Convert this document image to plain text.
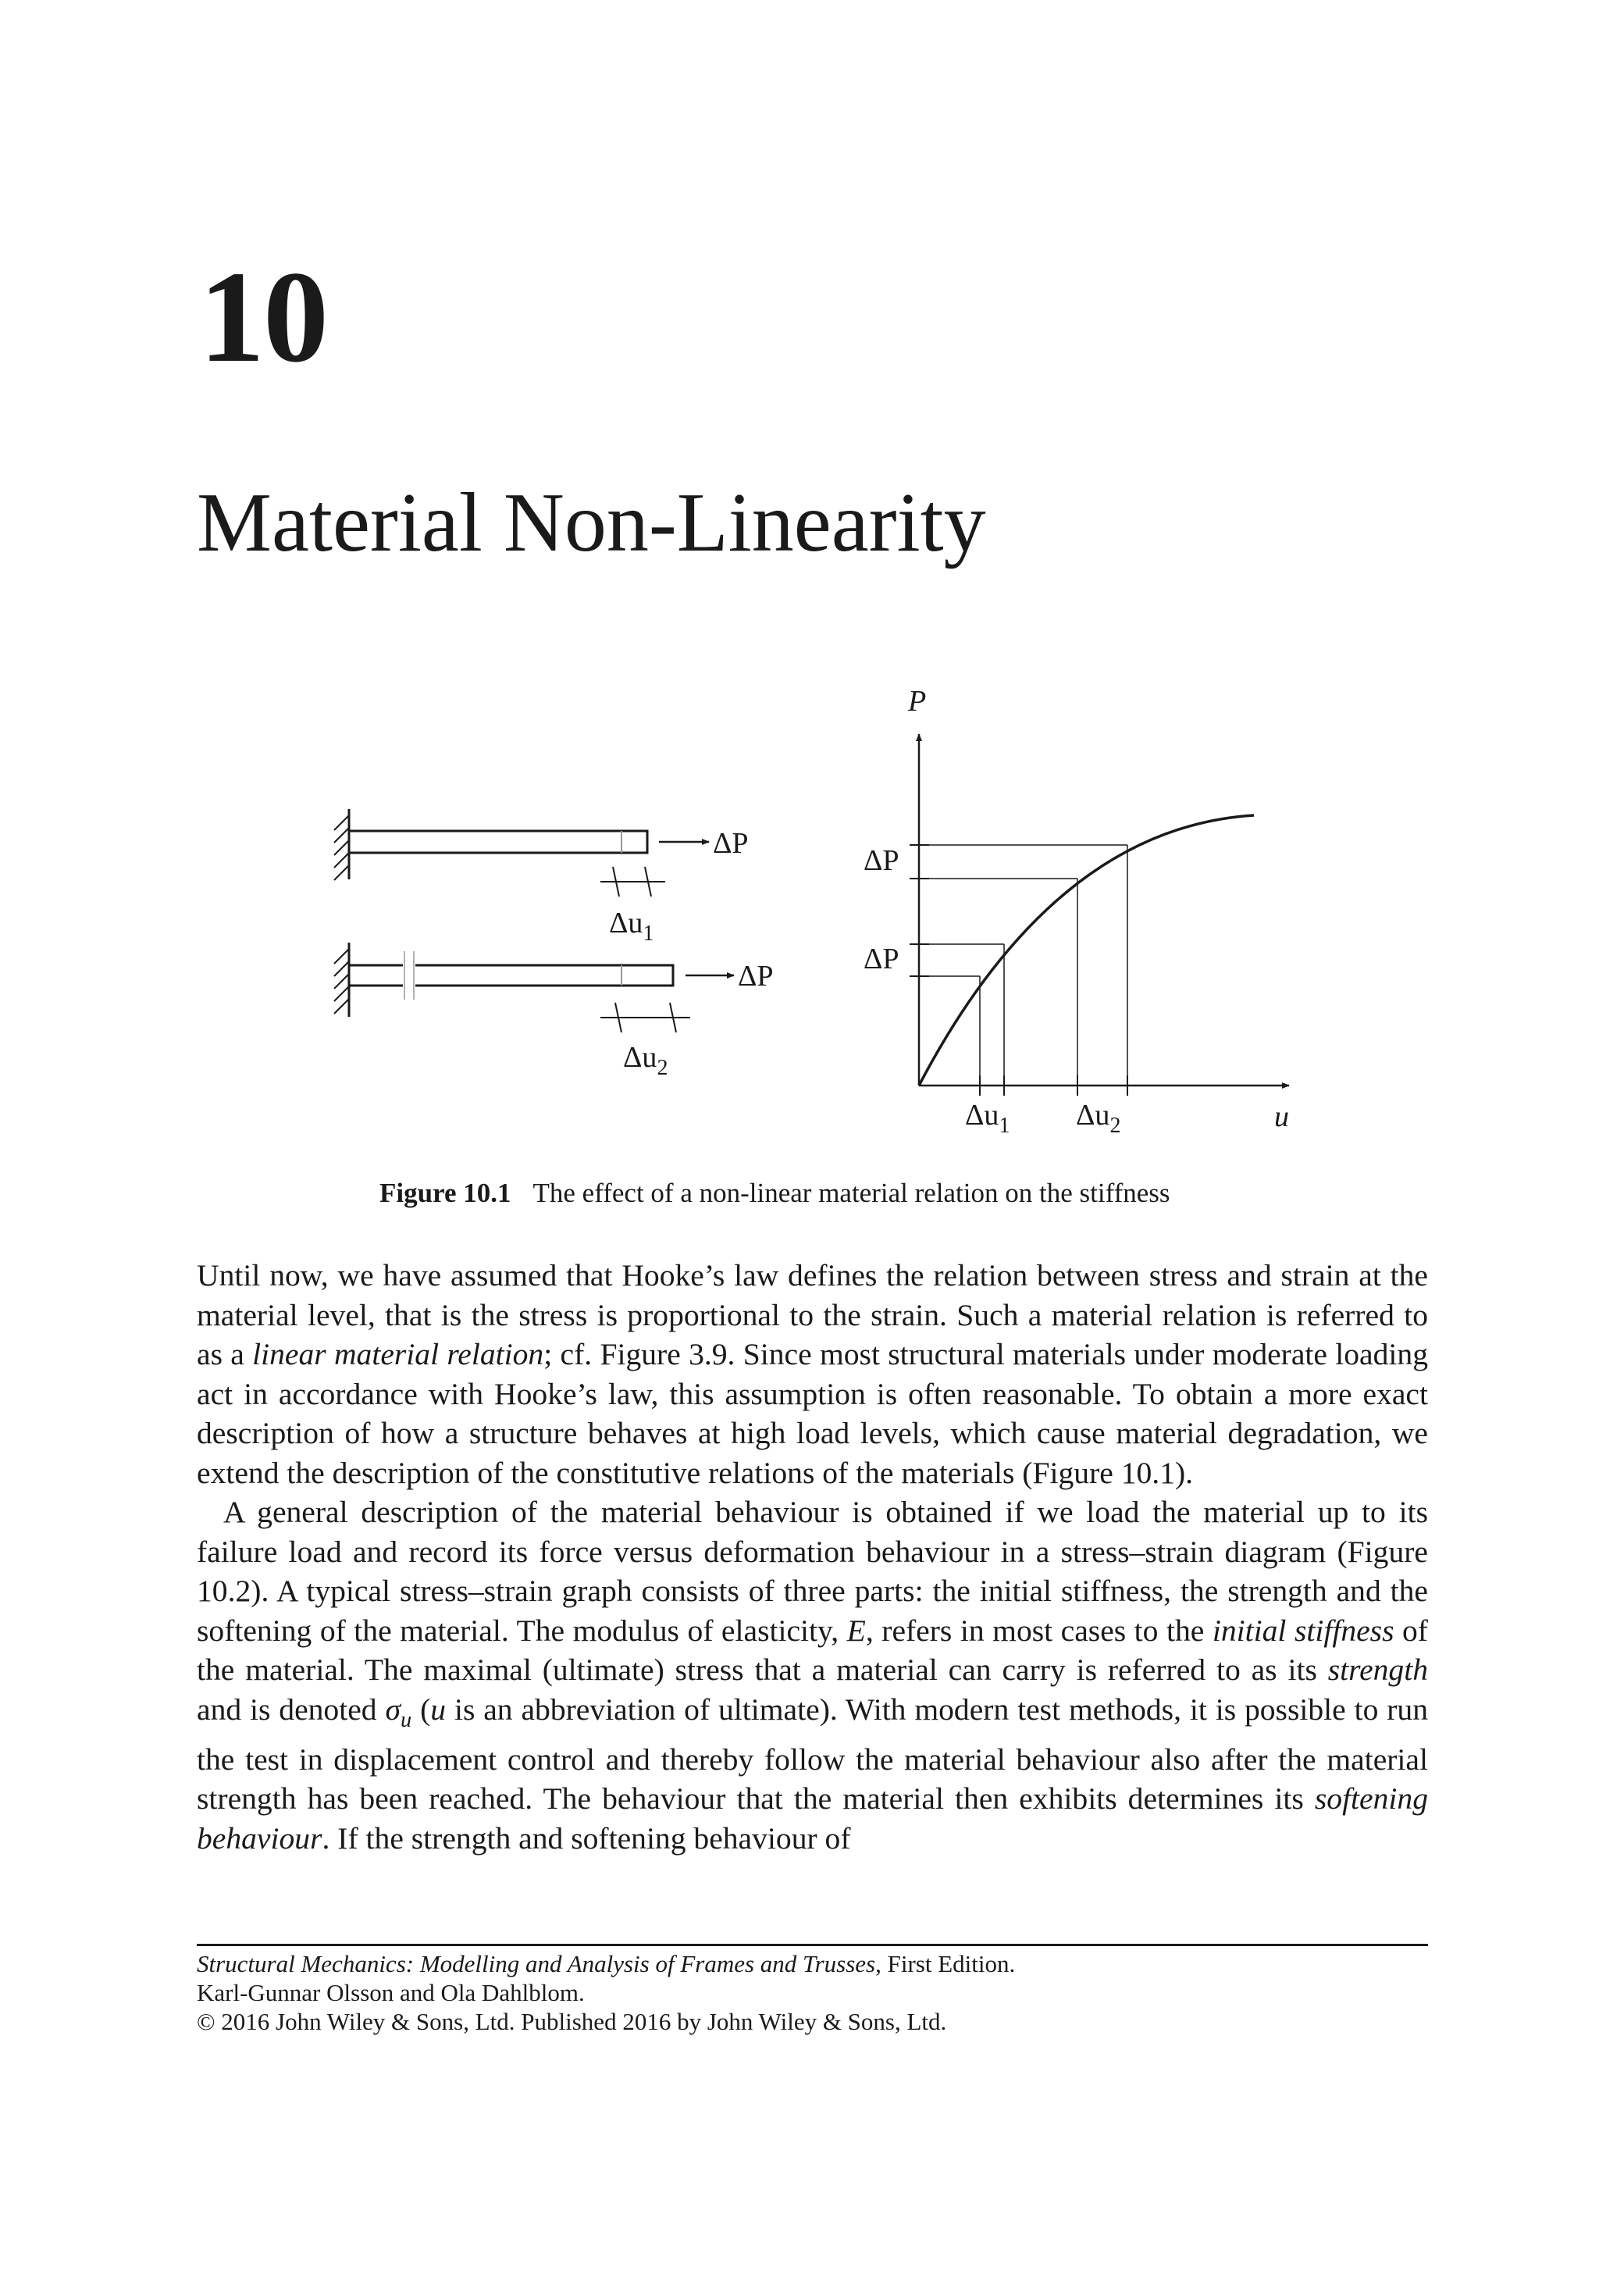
10
Material Non-Linearity
ΔP
$\Delta u_1$
ΔP
$\Delta u_2$
P
u
ΔP
ΔP
$\Delta u_1$ $\Delta u_2$

Figure 10.1 The effect of a non-linear material relation on the stiffness

Until now, we have assumed that Hooke’s law defines the relation between stress and strain at the material level, that is the stress is proportional to the strain. Such a material relation is referred to as a linear material relation; cf. Figure 3.9. Since most structural materials under moderate loading act in accordance with Hooke’s law, this assumption is often reasonable. To obtain a more exact description of how a structure behaves at high load levels, which cause material degradation, we extend the description of the constitutive relations of the materials (Figure 10.1).

A general description of the material behaviour is obtained if we load the material up to its failure load and record its force versus deformation behaviour in a stress–strain diagram (Figure 10.2). A typical stress–strain graph consists of three parts: the initial stiffness, the strength and the softening of the material. The modulus of elasticity, E, refers in most cases to the initial stiffness of the material. The maximal (ultimate) stress that a material can carry is referred to as its strength and is denoted $\sigma_u$ (u is an abbreviation of ultimate). With modern test methods, it is possible to run the test in displacement control and thereby follow the material behaviour also after the material strength has been reached. The behaviour that the material then exhibits determines its softening behaviour. If the strength and softening behaviour of

Structural Mechanics: Modelling and Analysis of Frames and Trusses, First Edition.
Karl-Gunnar Olsson and Ola Dahlblom.
© 2016 John Wiley & Sons, Ltd. Published 2016 by John Wiley & Sons, Ltd.
